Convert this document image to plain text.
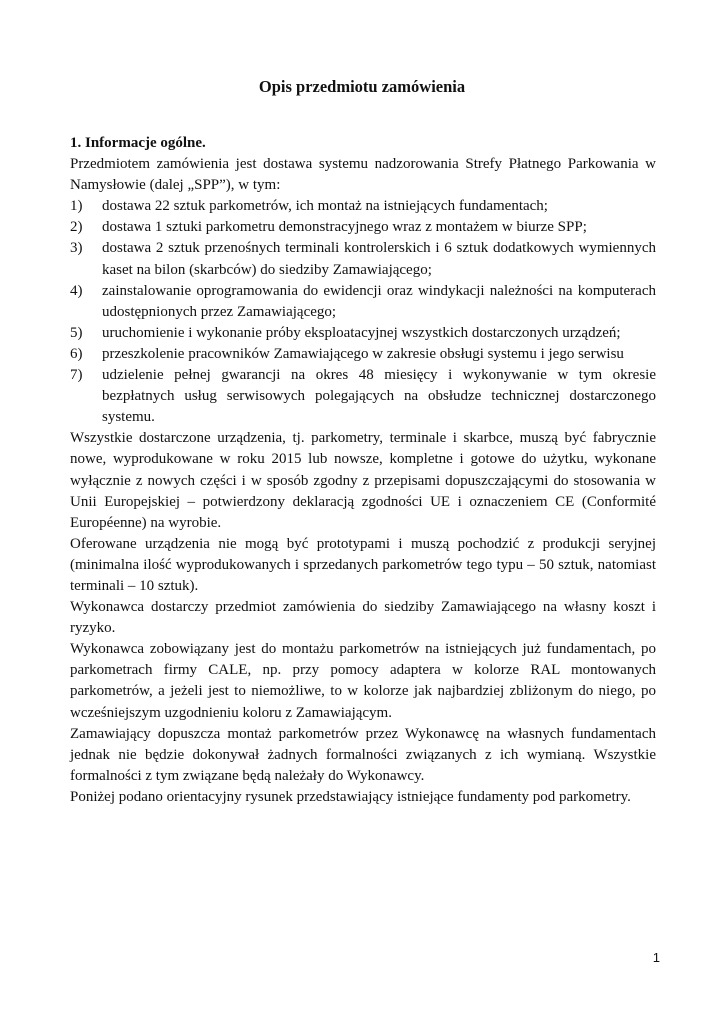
Opis przedmiotu zamówienia

1. Informacje ogólne.

Przedmiotem zamówienia jest dostawa systemu nadzorowania Strefy Płatnego Parkowania w Namysłowie (dalej „SPP”), w tym:

1) dostawa 22 sztuk parkometrów, ich montaż na istniejących fundamentach;
2) dostawa 1 sztuki parkometru demonstracyjnego wraz z montażem w biurze SPP;
3) dostawa 2 sztuk przenośnych terminali kontrolerskich i 6 sztuk dodatkowych wymiennych kaset na bilon (skarbców) do siedziby Zamawiającego;
4) zainstalowanie oprogramowania do ewidencji oraz windykacji należności na komputerach udostępnionych przez Zamawiającego;
5) uruchomienie i wykonanie próby eksploatacyjnej wszystkich dostarczonych urządzeń;
6) przeszkolenie pracowników Zamawiającego w zakresie obsługi systemu i jego serwisu
7) udzielenie pełnej gwarancji na okres 48 miesięcy i wykonywanie w tym okresie bezpłatnych usług serwisowych polegających na obsłudze technicznej dostarczonego systemu.

Wszystkie dostarczone urządzenia, tj. parkometry, terminale i skarbce, muszą być fabrycznie nowe, wyprodukowane w roku 2015 lub nowsze, kompletne i gotowe do użytku, wykonane wyłącznie z nowych części i w sposób zgodny z przepisami dopuszczającymi do stosowania w Unii Europejskiej – potwierdzony deklaracją zgodności UE i oznaczeniem CE (Conformité Européenne) na wyrobie.

Oferowane urządzenia nie mogą być prototypami i muszą pochodzić z produkcji seryjnej (minimalna ilość wyprodukowanych i sprzedanych parkometrów tego typu – 50 sztuk, natomiast terminali – 10 sztuk).

Wykonawca dostarczy przedmiot zamówienia do siedziby Zamawiającego na własny koszt i ryzyko.

Wykonawca zobowiązany jest do montażu parkometrów na istniejących już fundamentach, po parkometrach firmy CALE, np. przy pomocy adaptera w kolorze RAL montowanych parkometrów, a jeżeli jest to niemożliwe, to w kolorze jak najbardziej zbliżonym do niego, po wcześniejszym uzgodnieniu koloru z Zamawiającym.

Zamawiający dopuszcza montaż parkometrów przez Wykonawcę na własnych fundamentach jednak nie będzie dokonywał żadnych formalności związanych z ich wymianą. Wszystkie formalności z tym związane będą należały do Wykonawcy.

Poniżej podano orientacyjny rysunek przedstawiający istniejące fundamenty pod parkometry.

1
